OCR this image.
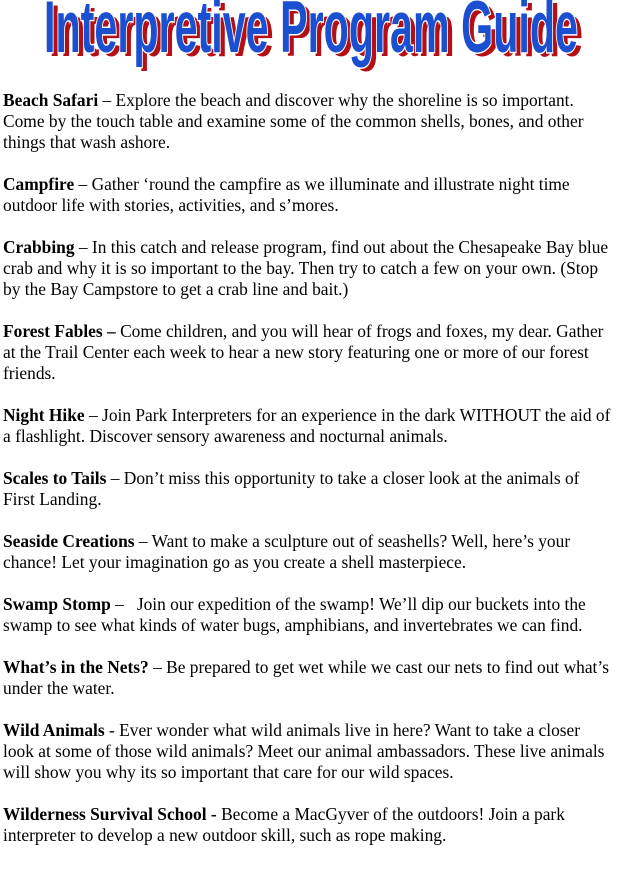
Interpretive Program Guide
Interpretive Program Guide
Beach Safari – Explore the beach and discover why the shoreline is so important. Come by the touch table and examine some of the common shells, bones, and other things that wash ashore.
Campfire – Gather ‘round the campfire as we illuminate and illustrate night time outdoor life with stories, activities, and s’mores.
Crabbing – In this catch and release program, find out about the Chesapeake Bay blue crab and why it is so important to the bay. Then try to catch a few on your own. (Stop by the Bay Campstore to get a crab line and bait.)
Forest Fables – Come children, and you will hear of frogs and foxes, my dear. Gather at the Trail Center each week to hear a new story featuring one or more of our forest friends.
Night Hike – Join Park Interpreters for an experience in the dark WITHOUT the aid of a flashlight. Discover sensory awareness and nocturnal animals.
Scales to Tails – Don’t miss this opportunity to take a closer look at the animals of First Landing.
Seaside Creations – Want to make a sculpture out of seashells? Well, here’s your chance! Let your imagination go as you create a shell masterpiece.
Swamp Stomp –   Join our expedition of the swamp! We’ll dip our buckets into the swamp to see what kinds of water bugs, amphibians, and invertebrates we can find.
What’s in the Nets? – Be prepared to get wet while we cast our nets to find out what’s under the water.
Wild Animals - Ever wonder what wild animals live in here? Want to take a closer look at some of those wild animals? Meet our animal ambassadors. These live animals will show you why its so important that care for our wild spaces.
Wilderness Survival School - Become a MacGyver of the outdoors! Join a park interpreter to develop a new outdoor skill, such as rope making.
